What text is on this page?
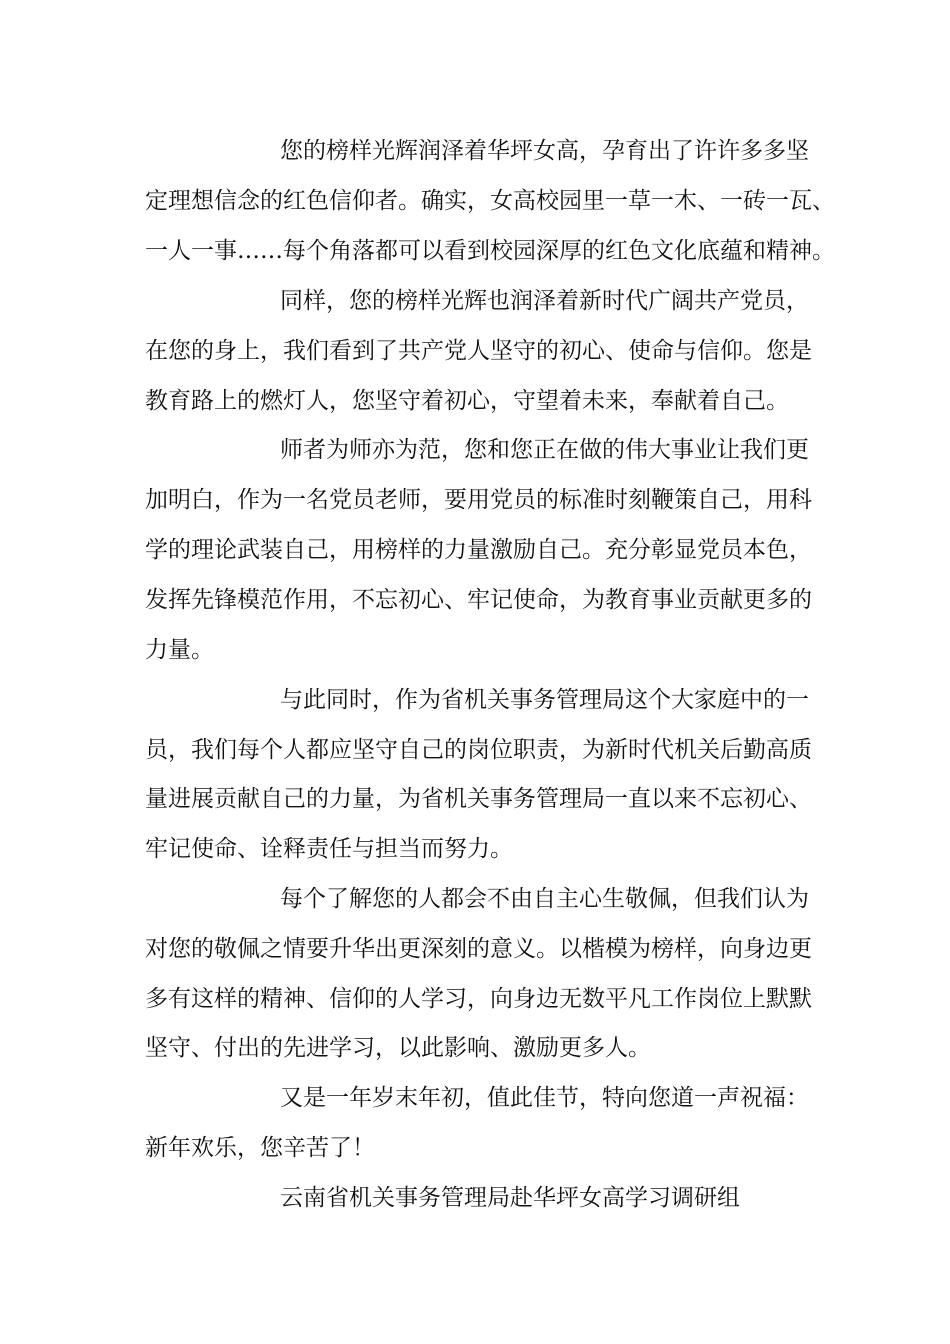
您的榜样光辉润泽着华坪女高，孕育出了许许多多坚
定理想信念的红色信仰者。确实，女高校园里一草一木、一砖一瓦、
一人一事……每个角落都可以看到校园深厚的红色文化底蕴和精神。
同样，您的榜样光辉也润泽着新时代广阔共产党员，
在您的身上，我们看到了共产党人坚守的初心、使命与信仰。您是
教育路上的燃灯人，您坚守着初心，守望着未来，奉献着自己。
师者为师亦为范，您和您正在做的伟大事业让我们更
加明白，作为一名党员老师，要用党员的标准时刻鞭策自己，用科
学的理论武装自己，用榜样的力量激励自己。充分彰显党员本色，
发挥先锋模范作用，不忘初心、牢记使命，为教育事业贡献更多的
力量。
与此同时，作为省机关事务管理局这个大家庭中的一
员，我们每个人都应坚守自己的岗位职责，为新时代机关后勤高质
量进展贡献自己的力量，为省机关事务管理局一直以来不忘初心、
牢记使命、诠释责任与担当而努力。
每个了解您的人都会不由自主心生敬佩，但我们认为
对您的敬佩之情要升华出更深刻的意义。以楷模为榜样，向身边更
多有这样的精神、信仰的人学习，向身边无数平凡工作岗位上默默
坚守、付出的先进学习，以此影响、激励更多人。
又是一年岁末年初，值此佳节，特向您道一声祝福：
新年欢乐，您辛苦了！
云南省机关事务管理局赴华坪女高学习调研组
